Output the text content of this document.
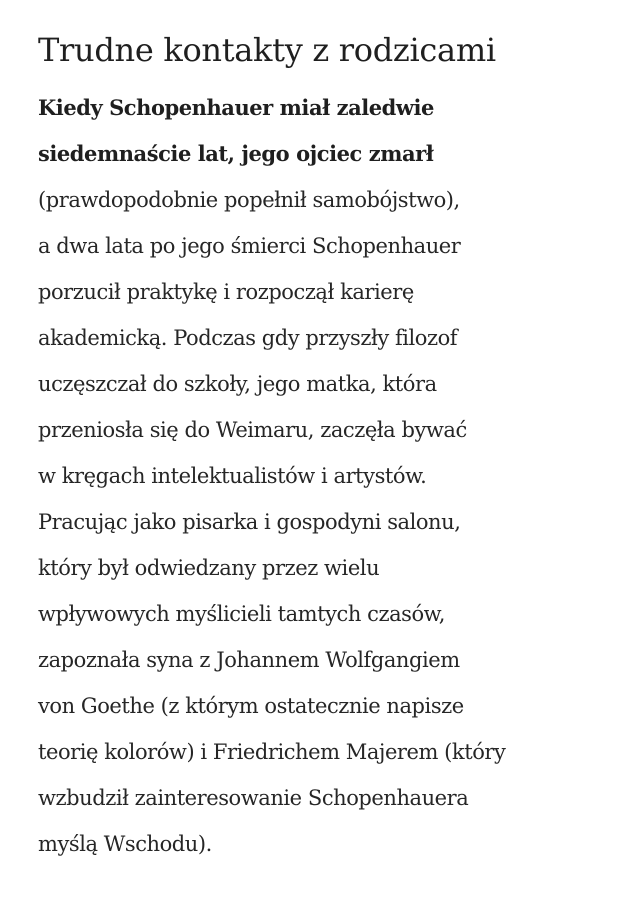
Trudne kontakty z rodzicami

Kiedy Schopenhauer miał zaledwie
siedemnaście lat, jego ojciec zmarł
(prawdopodobnie popełnił samobójstwo),
a dwa lata po jego śmierci Schopenhauer
porzucił praktykę i rozpoczął karierę
akademicką. Podczas gdy przyszły filozof
uczęszczał do szkoły, jego matka, która
przeniosła się do Weimaru, zaczęła bywać
w kręgach intelektualistów i artystów.
Pracując jako pisarka i gospodyni salonu,
który był odwiedzany przez wielu
wpływowych myślicieli tamtych czasów,
zapoznała syna z Johannem Wolfgangiem
von Goethe (z którym ostatecznie napisze
teorię kolorów) i Friedrichem Majerem (który
wzbudził zainteresowanie Schopenhauera
myślą Wschodu).
